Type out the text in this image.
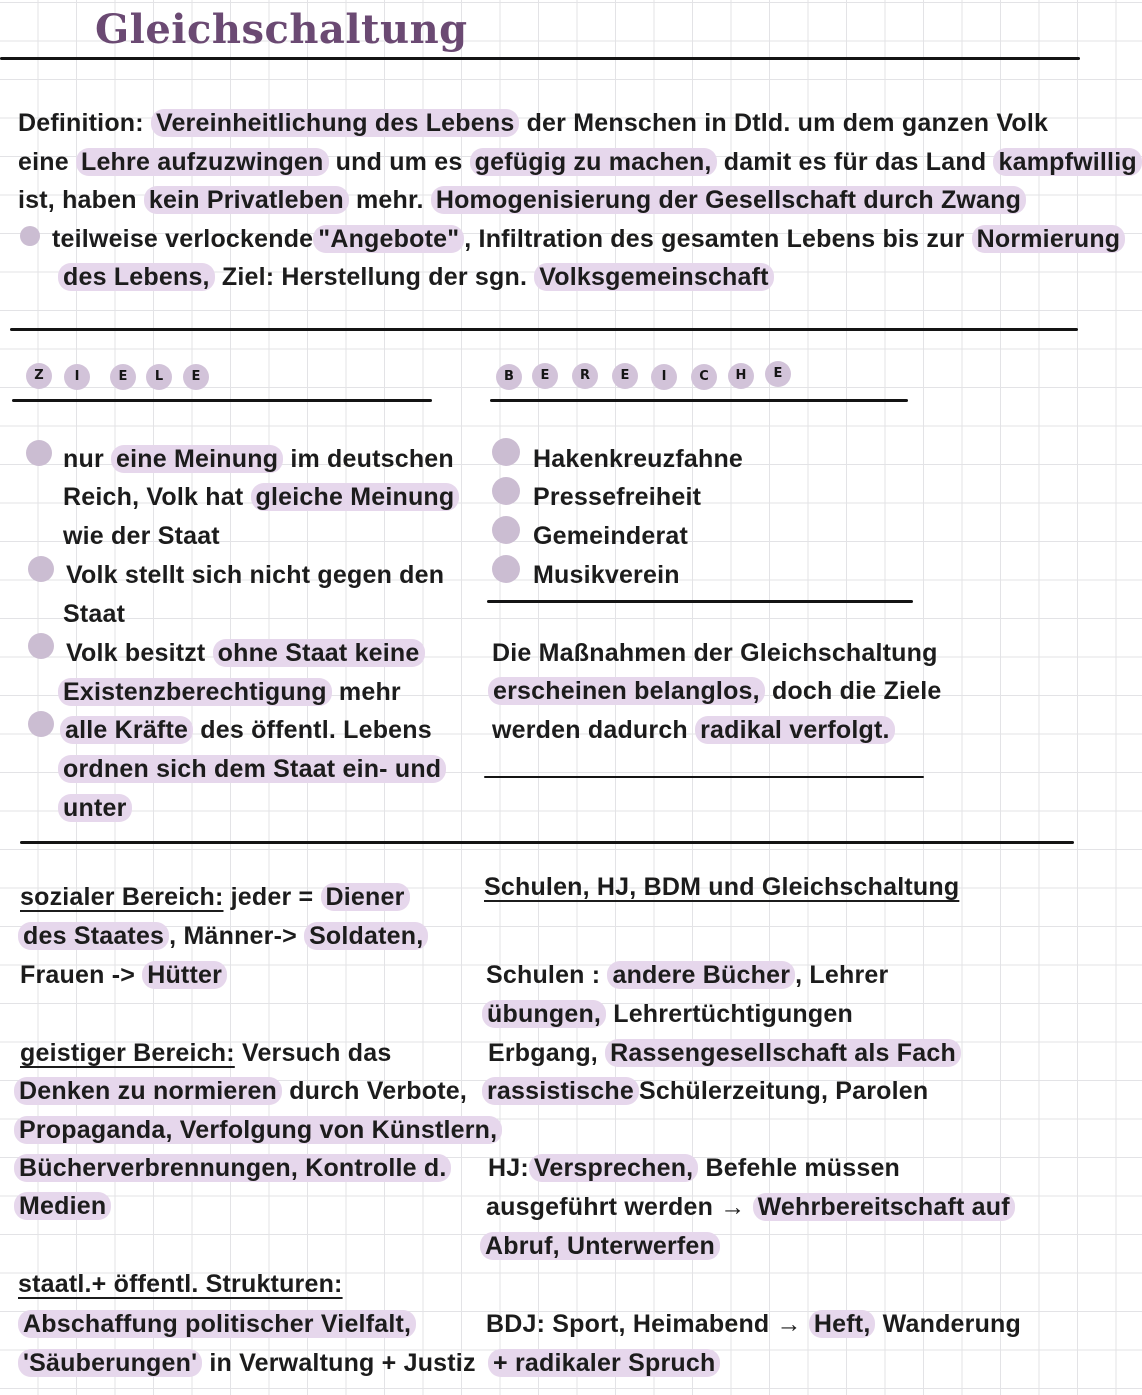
Gleichschaltung
Definition: Vereinheitlichung des Lebens der Menschen in Dtld. um dem ganzen Volk
eine Lehre aufzuzwingen und um es gefügig zu machen, damit es für das Land kampfwillig
ist, haben kein Privatleben mehr. Homogenisierung der Gesellschaft durch Zwang
teilweise verlockende "Angebote" , Infiltration des gesamten Lebens bis zur Normierung
des Lebens, Ziel: Herstellung der sgn. Volksgemeinschaft
Z	I	E	L	E	B	E	R	E	I	C	H	E
nur eine Meinung im deutschen
Reich, Volk hat gleiche Meinung
wie der Staat
Volk stellt sich nicht gegen den
Staat
Volk besitzt ohne Staat keine
Existenzberechtigung mehr
alle Kräfte des öffentl. Lebens
ordnen sich dem Staat ein- und
unter
Hakenkreuzfahne
Pressefreiheit
Gemeinderat
Musikverein
Die Maßnahmen der Gleichschaltung
erscheinen belanglos, doch die Ziele
werden dadurch radikal verfolgt.
sozialer Bereich: jeder = Diener
des Staates , Männer-> Soldaten,
Frauen -> Hütter
geistiger Bereich: Versuch das
Denken zu normieren durch Verbote,
Propaganda, Verfolgung von Künstlern,
Bücherverbrennungen, Kontrolle d.
Medien
staatl.+ öffentl. Strukturen:
Abschaffung politischer Vielfalt,
'Säuberungen' in Verwaltung + Justiz
Schulen, HJ, BDM und Gleichschaltung
Schulen : andere Bücher , Lehrer
übungen, Lehrertüchtigungen
Erbgang, Rassengesellschaft als Fach
rassistische Schülerzeitung, Parolen
HJ: Versprechen, Befehle müssen
ausgeführt werden → Wehrbereitschaft auf
Abruf, Unterwerfen
BDJ: Sport, Heimabend → Heft, Wanderung
+ radikaler Spruch
